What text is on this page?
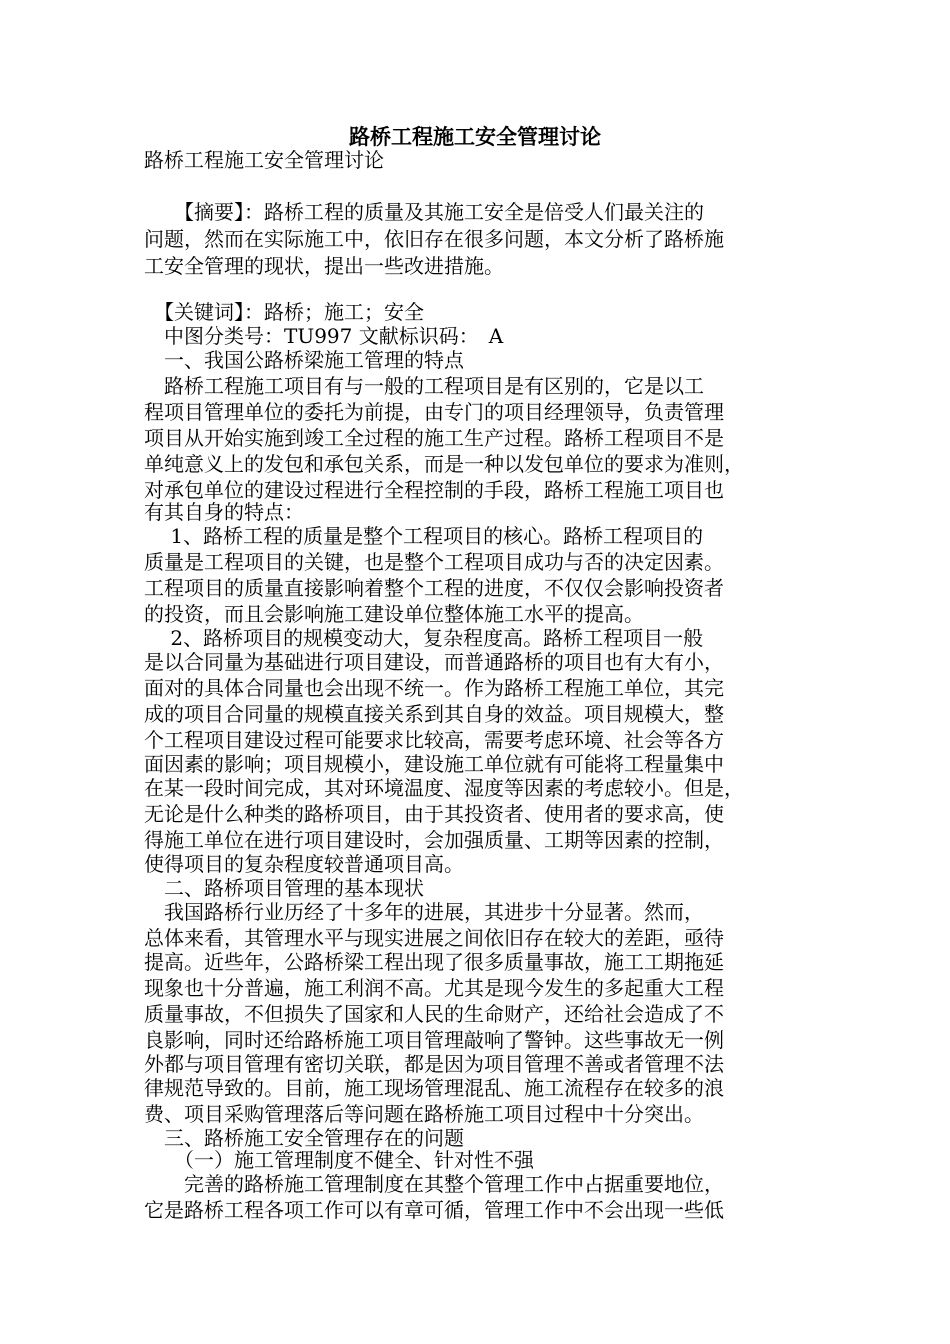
路桥工程施工安全管理讨论

路桥工程施工安全管理讨论

　　【摘要】：路桥工程的质量及其施工安全是倍受人们最关注的

问题，然而在实际施工中，依旧存在很多问题，本文分析了路桥施

工安全管理的现状，提出一些改进措施。

　【关键词】：路桥；施工；安全

　中图分类号：TU997 文献标识码：　A

　一、我国公路桥梁施工管理的特点

　路桥工程施工项目有与一般的工程项目是有区别的，它是以工

程项目管理单位的委托为前提，由专门的项目经理领导，负责管理

项目从开始实施到竣工全过程的施工生产过程。路桥工程项目不是

单纯意义上的发包和承包关系，而是一种以发包单位的要求为准则，

对承包单位的建设过程进行全程控制的手段，路桥工程施工项目也

有其自身的特点：

　 1、路桥工程的质量是整个工程项目的核心。路桥工程项目的

质量是工程项目的关键，也是整个工程项目成功与否的决定因素。

工程项目的质量直接影响着整个工程的进度，不仅仅会影响投资者

的投资，而且会影响施工建设单位整体施工水平的提高。

　 2、路桥项目的规模变动大，复杂程度高。路桥工程项目一般

是以合同量为基础进行项目建设，而普通路桥的项目也有大有小，

面对的具体合同量也会出现不统一。作为路桥工程施工单位，其完

成的项目合同量的规模直接关系到其自身的效益。项目规模大，整

个工程项目建设过程可能要求比较高，需要考虑环境、社会等各方

面因素的影响；项目规模小，建设施工单位就有可能将工程量集中

在某一段时间完成，其对环境温度、湿度等因素的考虑较小。但是，

无论是什么种类的路桥项目，由于其投资者、使用者的要求高，使

得施工单位在进行项目建设时，会加强质量、工期等因素的控制，

使得项目的复杂程度较普通项目高。

　二、路桥项目管理的基本现状

　我国路桥行业历经了十多年的进展，其进步十分显著。然而，

总体来看，其管理水平与现实进展之间依旧存在较大的差距，亟待

提高。近些年，公路桥梁工程出现了很多质量事故，施工工期拖延

现象也十分普遍，施工利润不高。尤其是现今发生的多起重大工程

质量事故，不但损失了国家和人民的生命财产，还给社会造成了不

良影响，同时还给路桥施工项目管理敲响了警钟。这些事故无一例

外都与项目管理有密切关联，都是因为项目管理不善或者管理不法

律规范导致的。目前，施工现场管理混乱、施工流程存在较多的浪

费、项目采购管理落后等问题在路桥施工项目过程中十分突出。

　三、路桥施工安全管理存在的问题

　　（一）施工管理制度不健全、针对性不强

　　完善的路桥施工管理制度在其整个管理工作中占据重要地位，

它是路桥工程各项工作可以有章可循，管理工作中不会出现一些低
